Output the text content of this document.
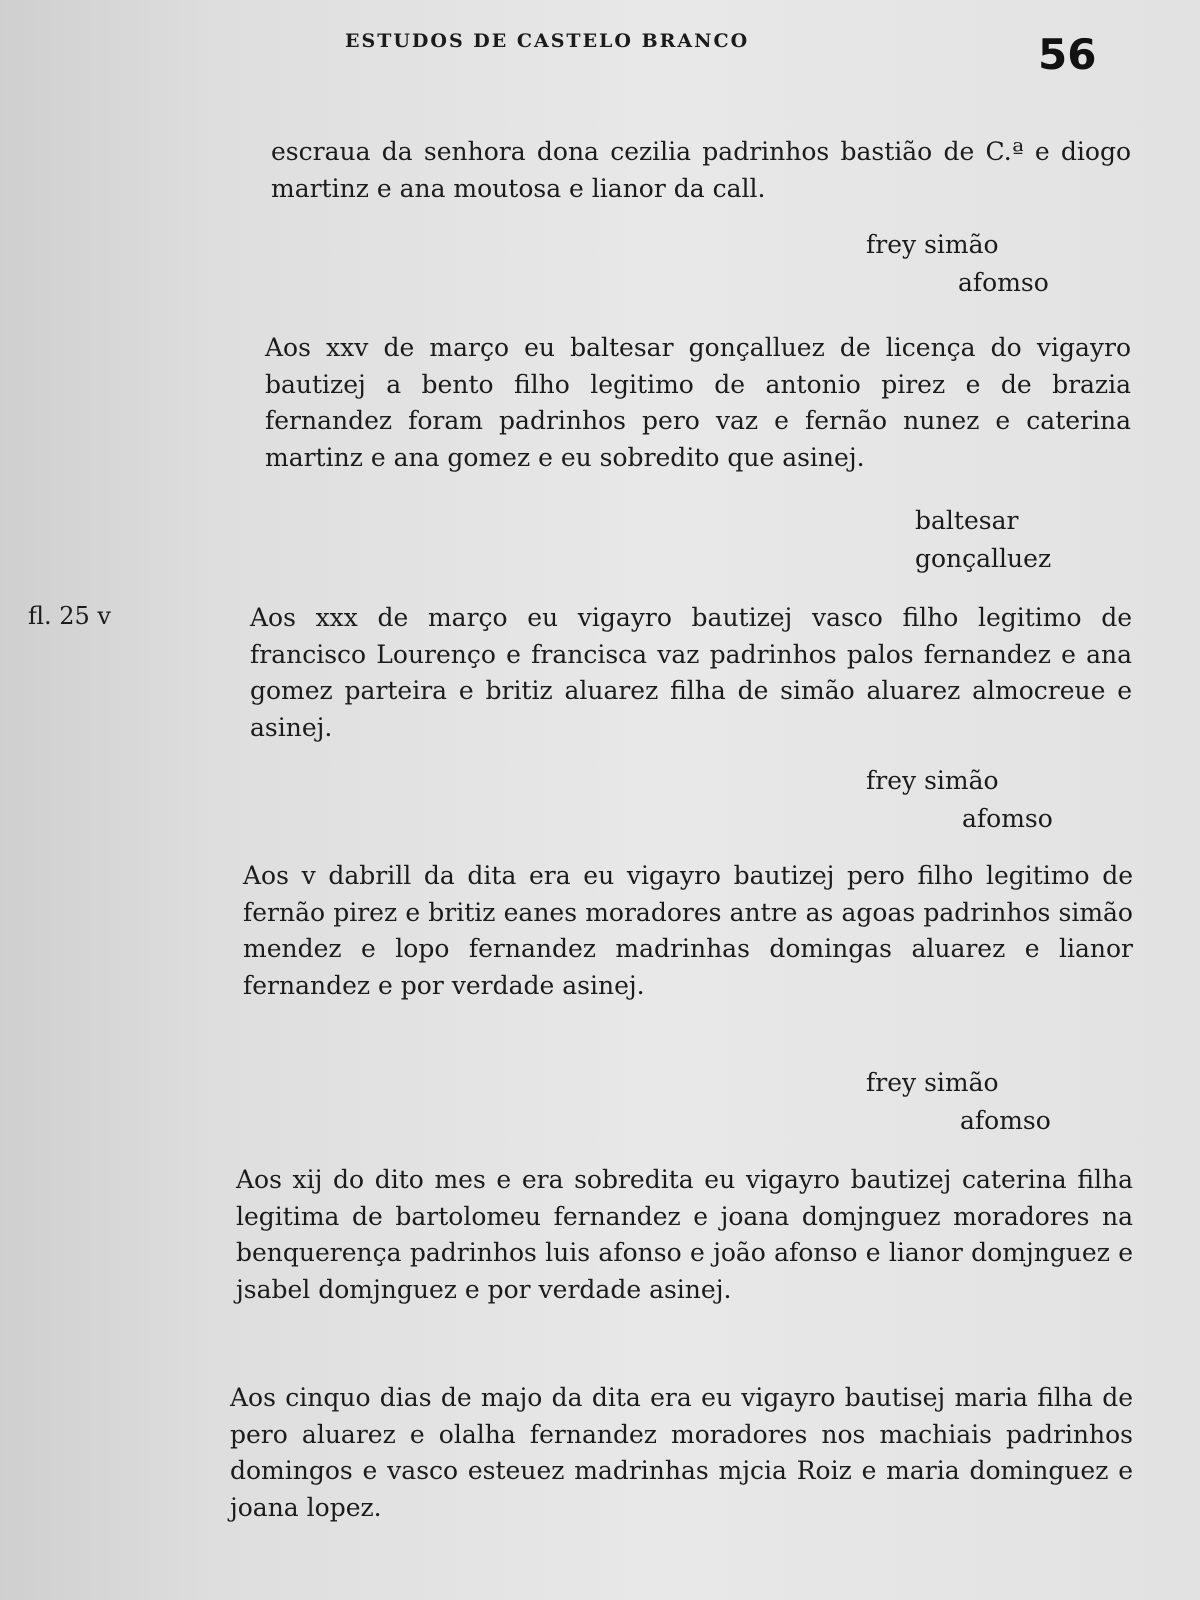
ESTUDOS DE CASTELO BRANCO	56
fl. 25 v

escraua da senhora dona cezilia padrinhos bastião de C.ª e diogo martinz e ana moutosa e lianor da call.

frey simão
afomso

Aos xxv de março eu baltesar gonçalluez de licença do vigayro bautizej a bento filho legitimo de antonio pirez e de brazia fernandez foram padrinhos pero vaz e fernão nunez e caterina martinz e ana gomez e eu sobredito que asinej.

baltesar
gonçalluez

Aos xxx de março eu vigayro bautizej vasco filho legitimo de francisco Lourenço e francisca vaz padrinhos palos fernandez e ana gomez parteira e britiz aluarez filha de simão aluarez almocreue e asinej.

frey simão
afomso

Aos v dabrill da dita era eu vigayro bautizej pero filho legitimo de fernão pirez e britiz eanes moradores antre as agoas padrinhos simão mendez e lopo fernandez madrinhas domingas aluarez e lianor fernandez e por verdade asinej.

frey simão
afomso

Aos xij do dito mes e era sobredita eu vigayro bautizej caterina filha legitima de bartolomeu fernandez e joana domjnguez moradores na benquerença padrinhos luis afonso e joão afonso e lianor domjnguez e jsabel domjnguez e por verdade asinej.

Aos cinquo dias de majo da dita era eu vigayro bautisej maria filha de pero aluarez e olalha fernandez moradores nos machiais padrinhos domingos e vasco esteuez madrinhas mjcia Roiz e maria dominguez e joana lopez.
